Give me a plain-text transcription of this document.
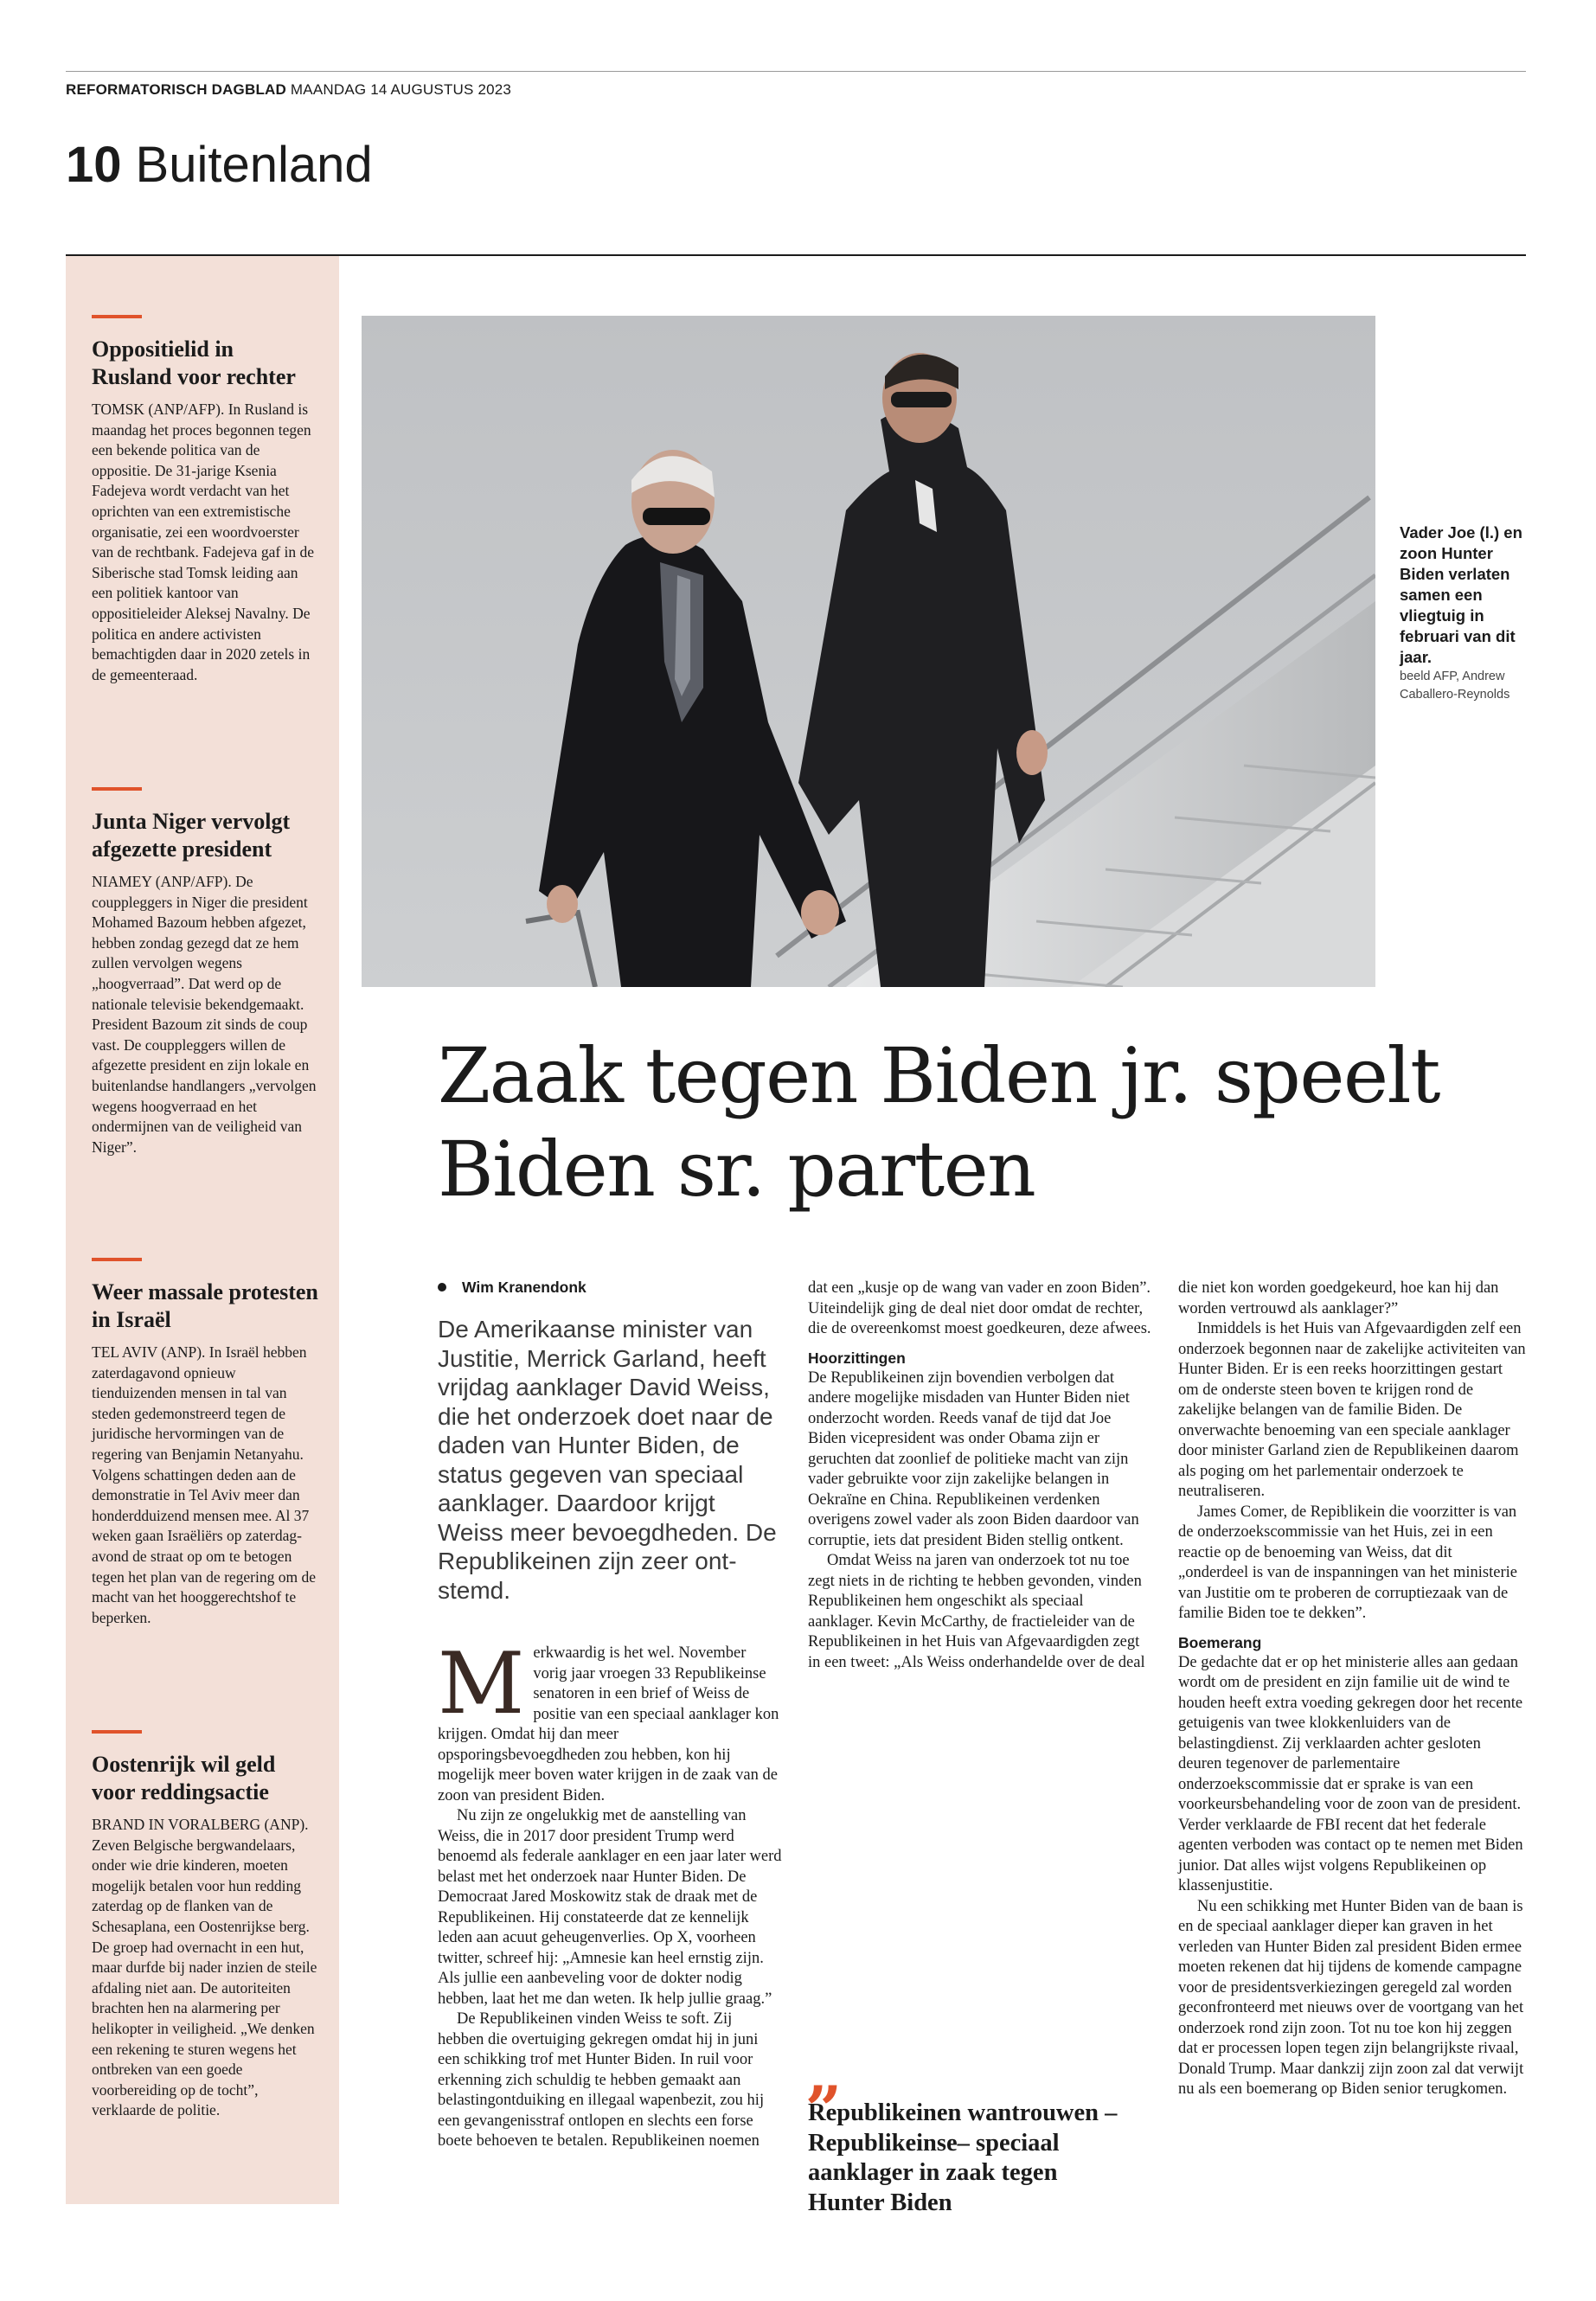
REFORMATORISCH DAGBLAD MAANDAG 14 AUGUSTUS 2023
10 Buitenland
Oppositielid in Rusland voor rechter
TOMSK (ANP/AFP). In Rusland is maandag het proces begonnen tegen een bekende politica van de oppositie. De 31-jarige Ksenia Fadejeva wordt verdacht van het oprichten van een extremistische organisatie, zei een woordvoerster van de rechtbank. Fadejeva gaf in de Siberische stad Tomsk leiding aan een politiek kantoor van oppositieleider Aleksej Navalny. De politica en andere activisten bemachtigden daar in 2020 zetels in de gemeenteraad.
Junta Niger vervolgt afgezette president
NIAMEY (ANP/AFP). De couppleggers in Niger die president Mohamed Bazoum hebben afgezet, hebben zondag gezegd dat ze hem zullen vervolgen wegens „hoogverraad”. Dat werd op de nationale televisie bekendgemaakt. President Bazoum zit sinds de coup vast. De couppleggers willen de afgezette president en zijn lokale en buitenlandse handlangers „vervolgen wegens hoogverraad en het ondermijnen van de veiligheid van Niger”.
Weer massale protesten in Israël
TEL AVIV (ANP). In Israël hebben zaterdagavond opnieuw tienduizenden mensen in tal van steden gedemonstreerd tegen de juridische hervormingen van de regering van Benjamin Netanyahu. Volgens schattingen deden aan de demonstratie in Tel Aviv meer dan honderdduizend mensen mee. Al 37 weken gaan Israëliërs op zaterdagavond de straat op om te betogen tegen het plan van de regering om de macht van het hooggerechtshof te beperken.
Oostenrijk wil geld voor reddingsactie
BRAND IN VORALBERG (ANP). Zeven Belgische bergwandelaars, onder wie drie kinderen, moeten mogelijk betalen voor hun redding zaterdag op de flanken van de Schesaplana, een Oostenrijkse berg. De groep had overnacht in een hut, maar durfde bij nader inzien de steile afdaling niet aan. De autoriteiten brachten hen na alarmering per helikopter in veiligheid. „We denken een rekening te sturen wegens het ontbreken van een goede voorbereiding op de tocht”, verklaarde de politie.
Vader Joe (l.) en zoon Hunter Biden verlaten samen een vliegtuig in februari van dit jaar.
beeld AFP, Andrew Caballero-Reynolds
Zaak tegen Biden jr. speelt
Biden sr. parten
Wim Kranendonk
De Amerikaanse minister van Justitie, Merrick Garland, heeft vrijdag aanklager David Weiss, die het onderzoek doet naar de daden van Hunter Biden, de status gegeven van speciaal aanklager. Daardoor krijgt Weiss meer bevoegdheden. De Republikeinen zijn zeer ontstemd.

Merkwaardig is het wel. November vorig jaar vroegen 33 Republikeinse senatoren in een brief of Weiss de positie van een speciaal aanklager kon krijgen. Omdat hij dan meer opsporingsbevoegdheden zou hebben, kon hij mogelijk meer boven water krijgen in de zaak van de zoon van president Biden.

Nu zijn ze ongelukkig met de aanstelling van Weiss, die in 2017 door president Trump werd benoemd als federale aanklager en een jaar later werd belast met het onderzoek naar Hunter Biden. De Democraat Jared Moskowitz stak de draak met de Republikeinen. Hij constateerde dat ze kennelijk leden aan acuut geheugenverlies. Op X, voorheen twitter, schreef hij: „Amnesie kan heel ernstig zijn. Als jullie een aanbeveling voor de dokter nodig hebben, laat het me dan weten. Ik help jullie graag.”

De Republikeinen vinden Weiss te soft. Zij hebben die overtuiging gekregen omdat hij in juni een schikking trof met Hunter Biden. In ruil voor erkenning zich schuldig te hebben gemaakt aan belastingontduiking en illegaal wapenbezit, zou hij een gevangenisstraf ontlopen en slechts een forse boete behoeven te betalen. Republikeinen noemen

dat een „kusje op de wang van vader en zoon Biden”. Uiteindelijk ging de deal niet door omdat de rechter, die de overeenkomst moest goedkeuren, deze afwees.

Hoorzittingen

De Republikeinen zijn bovendien verbolgen dat andere mogelijke misdaden van Hunter Biden niet onderzocht worden. Reeds vanaf de tijd dat Joe Biden vicepresident was onder Obama zijn er geruchten dat zoonlief de politieke macht van zijn vader gebruikte voor zijn zakelijke belangen in Oekraïne en China. Republikeinen verdenken overigens zowel vader als zoon Biden daardoor van corruptie, iets dat president Biden stellig ontkent.

Omdat Weiss na jaren van onderzoek tot nu toe zegt niets in de richting te hebben gevonden, vinden Republikeinen hem ongeschikt als speciaal aanklager. Kevin McCarthy, de fractieleider van de Republikeinen in het Huis van Afgevaardigden zegt in een tweet: „Als Weiss onderhandelde over de deal

„
Republikeinen wantrouwen –Republikeinse– speciaal aanklager in zaak tegen Hunter Biden

die niet kon worden goedgekeurd, hoe kan hij dan worden vertrouwd als aanklager?”

Inmiddels is het Huis van Afgevaardigden zelf een onderzoek begonnen naar de zakelijke activiteiten van Hunter Biden. Er is een reeks hoorzittingen gestart om de onderste steen boven te krijgen rond de zakelijke belangen van de familie Biden. De onverwachte benoeming van een speciale aanklager door minister Garland zien de Republikeinen daarom als poging om het parlementair onderzoek te neutraliseren.

James Comer, de Repiblikein die voorzitter is van de onderzoekscommissie van het Huis, zei in een reactie op de benoeming van Weiss, dat dit „onderdeel is van de inspanningen van het ministerie van Justitie om te proberen de corruptiezaak van de familie Biden toe te dekken”.

Boemerang

De gedachte dat er op het ministerie alles aan gedaan wordt om de president en zijn familie uit de wind te houden heeft extra voeding gekregen door het recente getuigenis van twee klokkenluiders van de belastingdienst. Zij verklaarden achter gesloten deuren tegenover de parlementaire onderzoekscommissie dat er sprake is van een voorkeursbehandeling voor de zoon van de president. Verder verklaarde de FBI recent dat het federale agenten verboden was contact op te nemen met Biden junior. Dat alles wijst volgens Republikeinen op klassenjustitie.

Nu een schikking met Hunter Biden van de baan is en de speciaal aanklager dieper kan graven in het verleden van Hunter Biden zal president Biden ermee moeten rekenen dat hij tijdens de komende campagne voor de presidentsverkiezingen geregeld zal worden geconfronteerd met nieuws over de voortgang van het onderzoek rond zijn zoon. Tot nu toe kon hij zeggen dat er processen lopen tegen zijn belangrijkste rivaal, Donald Trump. Maar dankzij zijn zoon zal dat verwijt nu als een boemerang op Biden senior terugkomen.
